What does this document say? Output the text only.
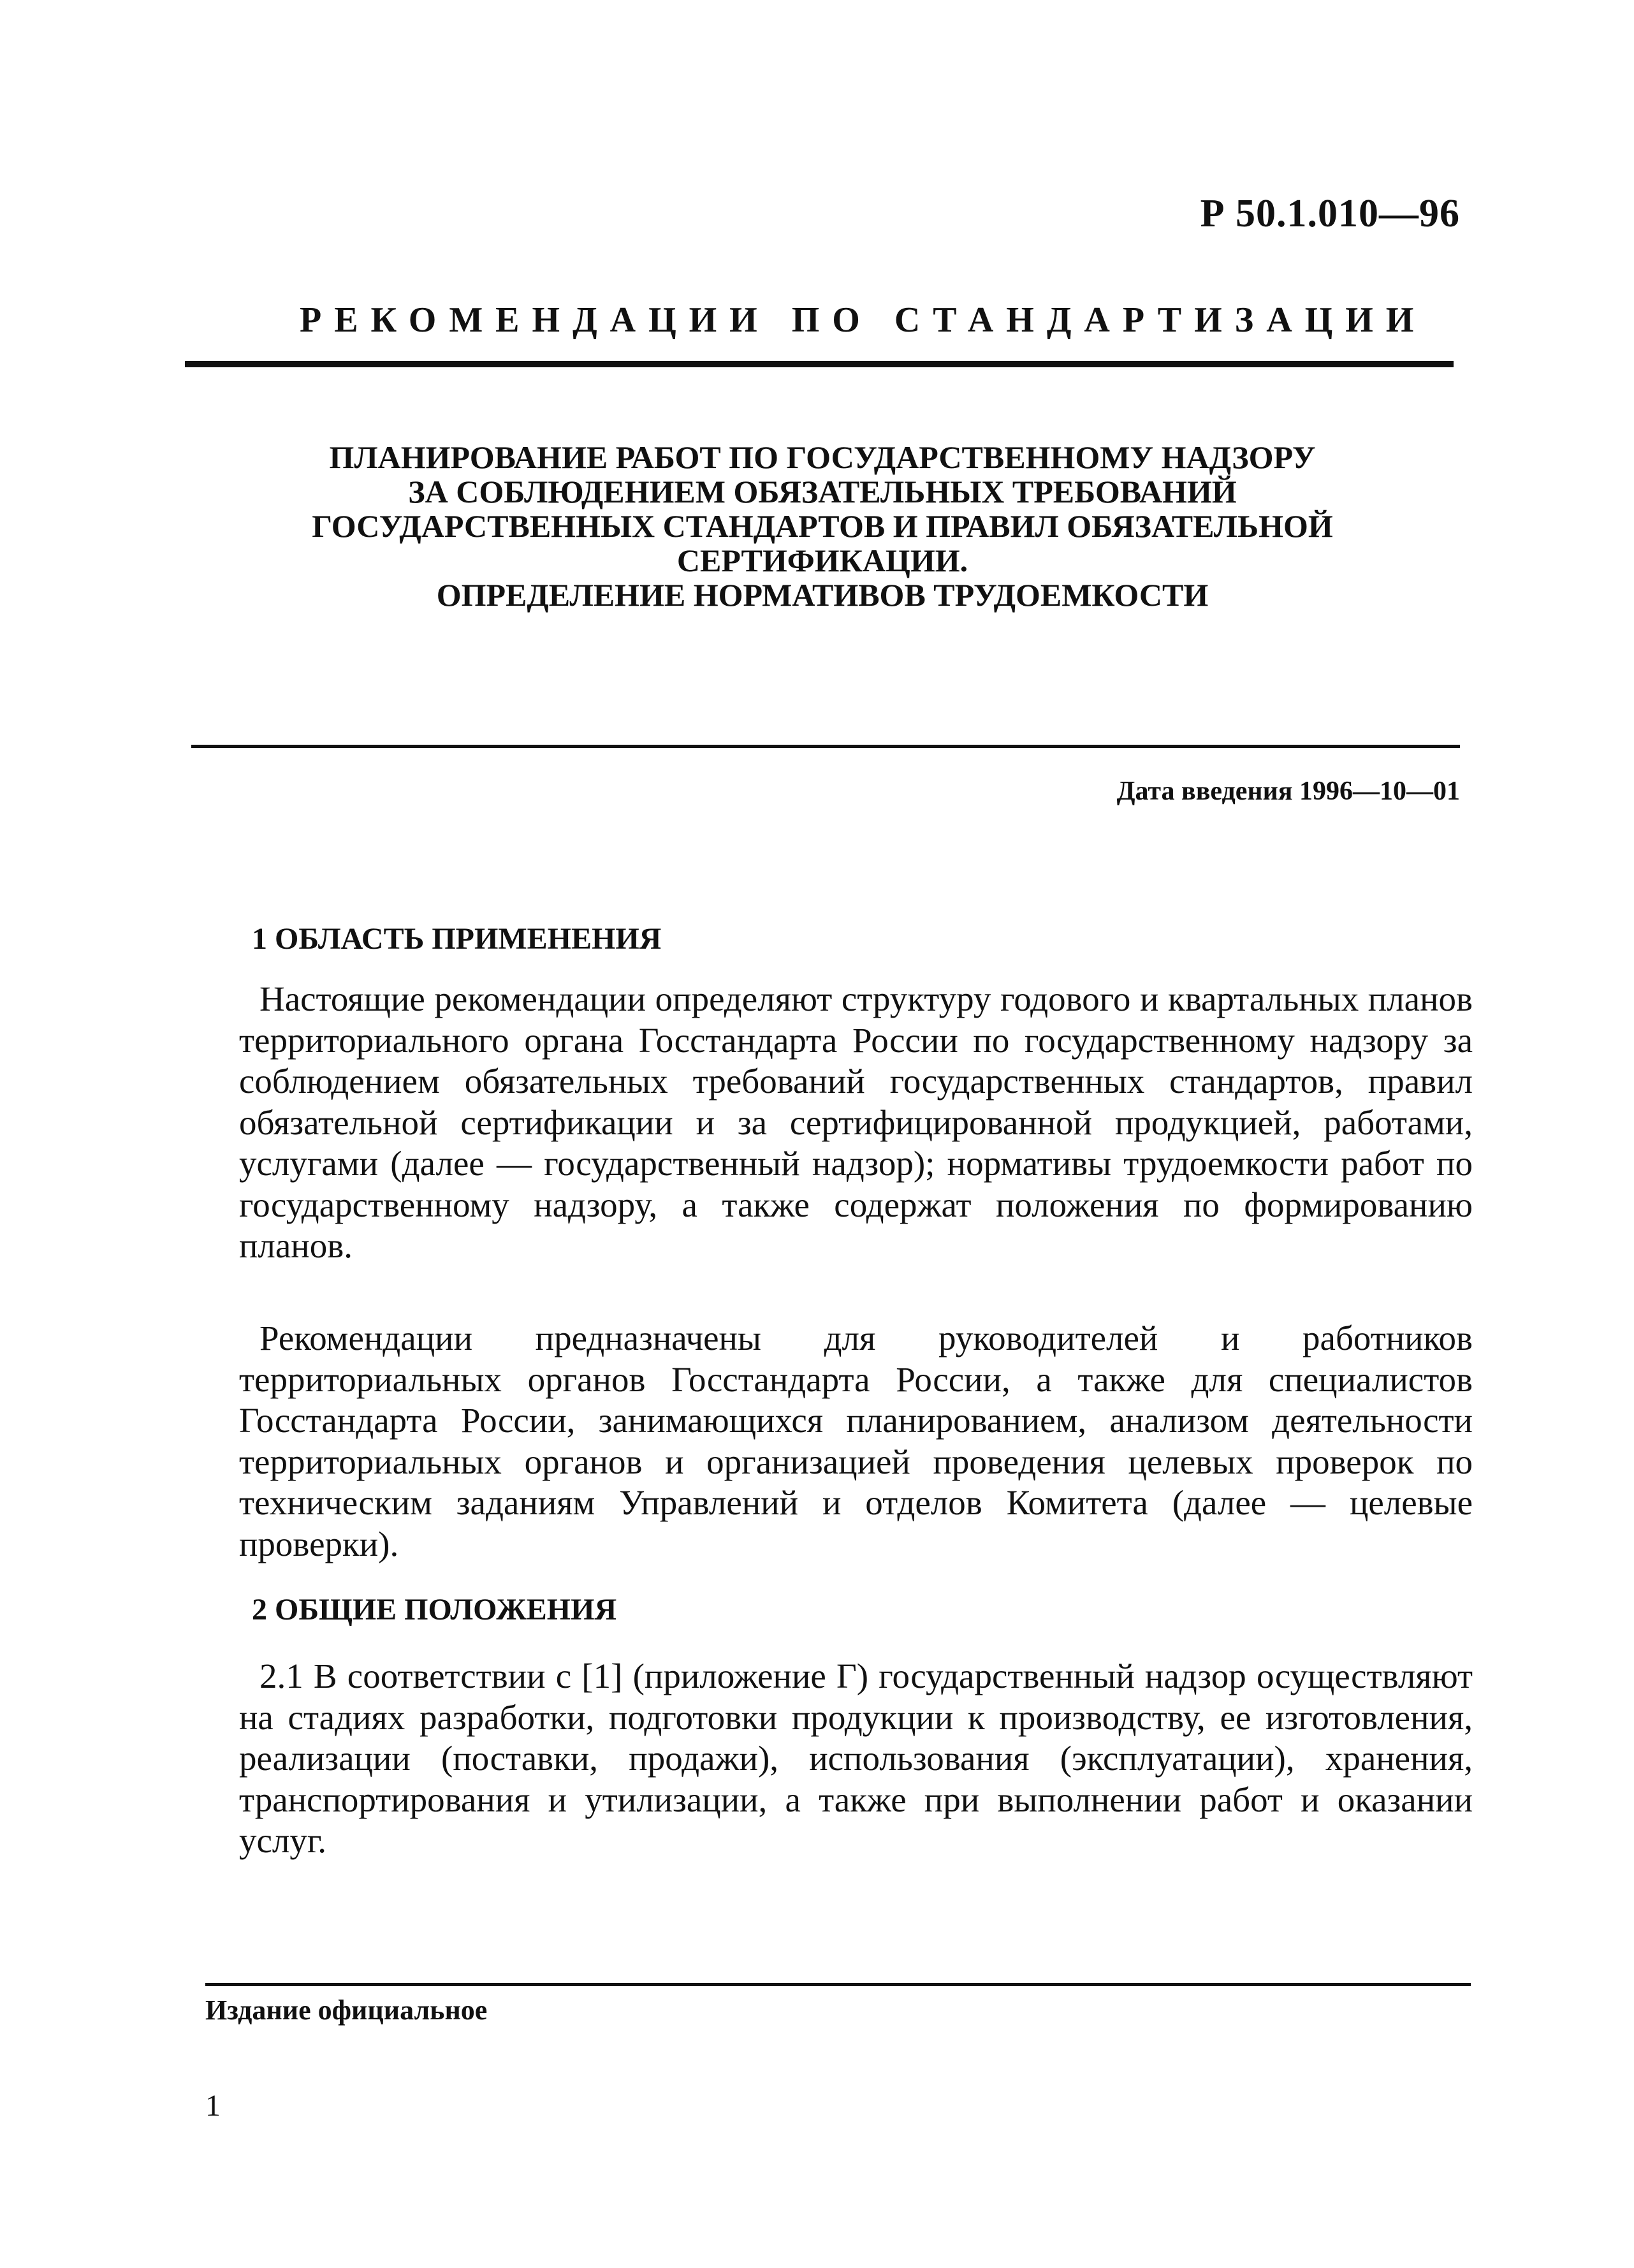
Р 50.1.010—96
РЕКОМЕНДАЦИИ ПО СТАНДАРТИЗАЦИИ
ПЛАНИРОВАНИЕ РАБОТ ПО ГОСУДАРСТВЕННОМУ НАДЗОРУ
ЗА СОБЛЮДЕНИЕМ ОБЯЗАТЕЛЬНЫХ ТРЕБОВАНИЙ
ГОСУДАРСТВЕННЫХ СТАНДАРТОВ И ПРАВИЛ ОБЯЗАТЕЛЬНОЙ
СЕРТИФИКАЦИИ.
ОПРЕДЕЛЕНИЕ НОРМАТИВОВ ТРУДОЕМКОСТИ
Дата введения 1996—10—01
1 ОБЛАСТЬ ПРИМЕНЕНИЯ

Настоящие рекомендации определяют структуру годового и квартальных планов территориального органа Госстандарта России по государственному надзору за соблюдением обязательных требований государственных стандартов, правил обязательной сертификации и за сертифицированной продукцией, работами, услугами (далее — государственный надзор); нормативы трудоемкости работ по государственному надзору, а также содержат положения по формированию планов.

Рекомендации предназначены для руководителей и работников территориальных органов Госстандарта России, а также для специалистов Госстандарта России, занимающихся планированием, анализом деятельности территориальных органов и организацией проведения целевых проверок по техническим заданиям Управлений и отделов Комитета (далее — целевые проверки).

2 ОБЩИЕ ПОЛОЖЕНИЯ

2.1 В соответствии с [1] (приложение Г) государственный надзор осуществляют на стадиях разработки, подготовки продукции к производству, ее изготовления, реализации (поставки, продажи), использования (эксплуатации), хранения, транспортирования и утилизации, а также при выполнении работ и оказании услуг.

Издание официальное
1
